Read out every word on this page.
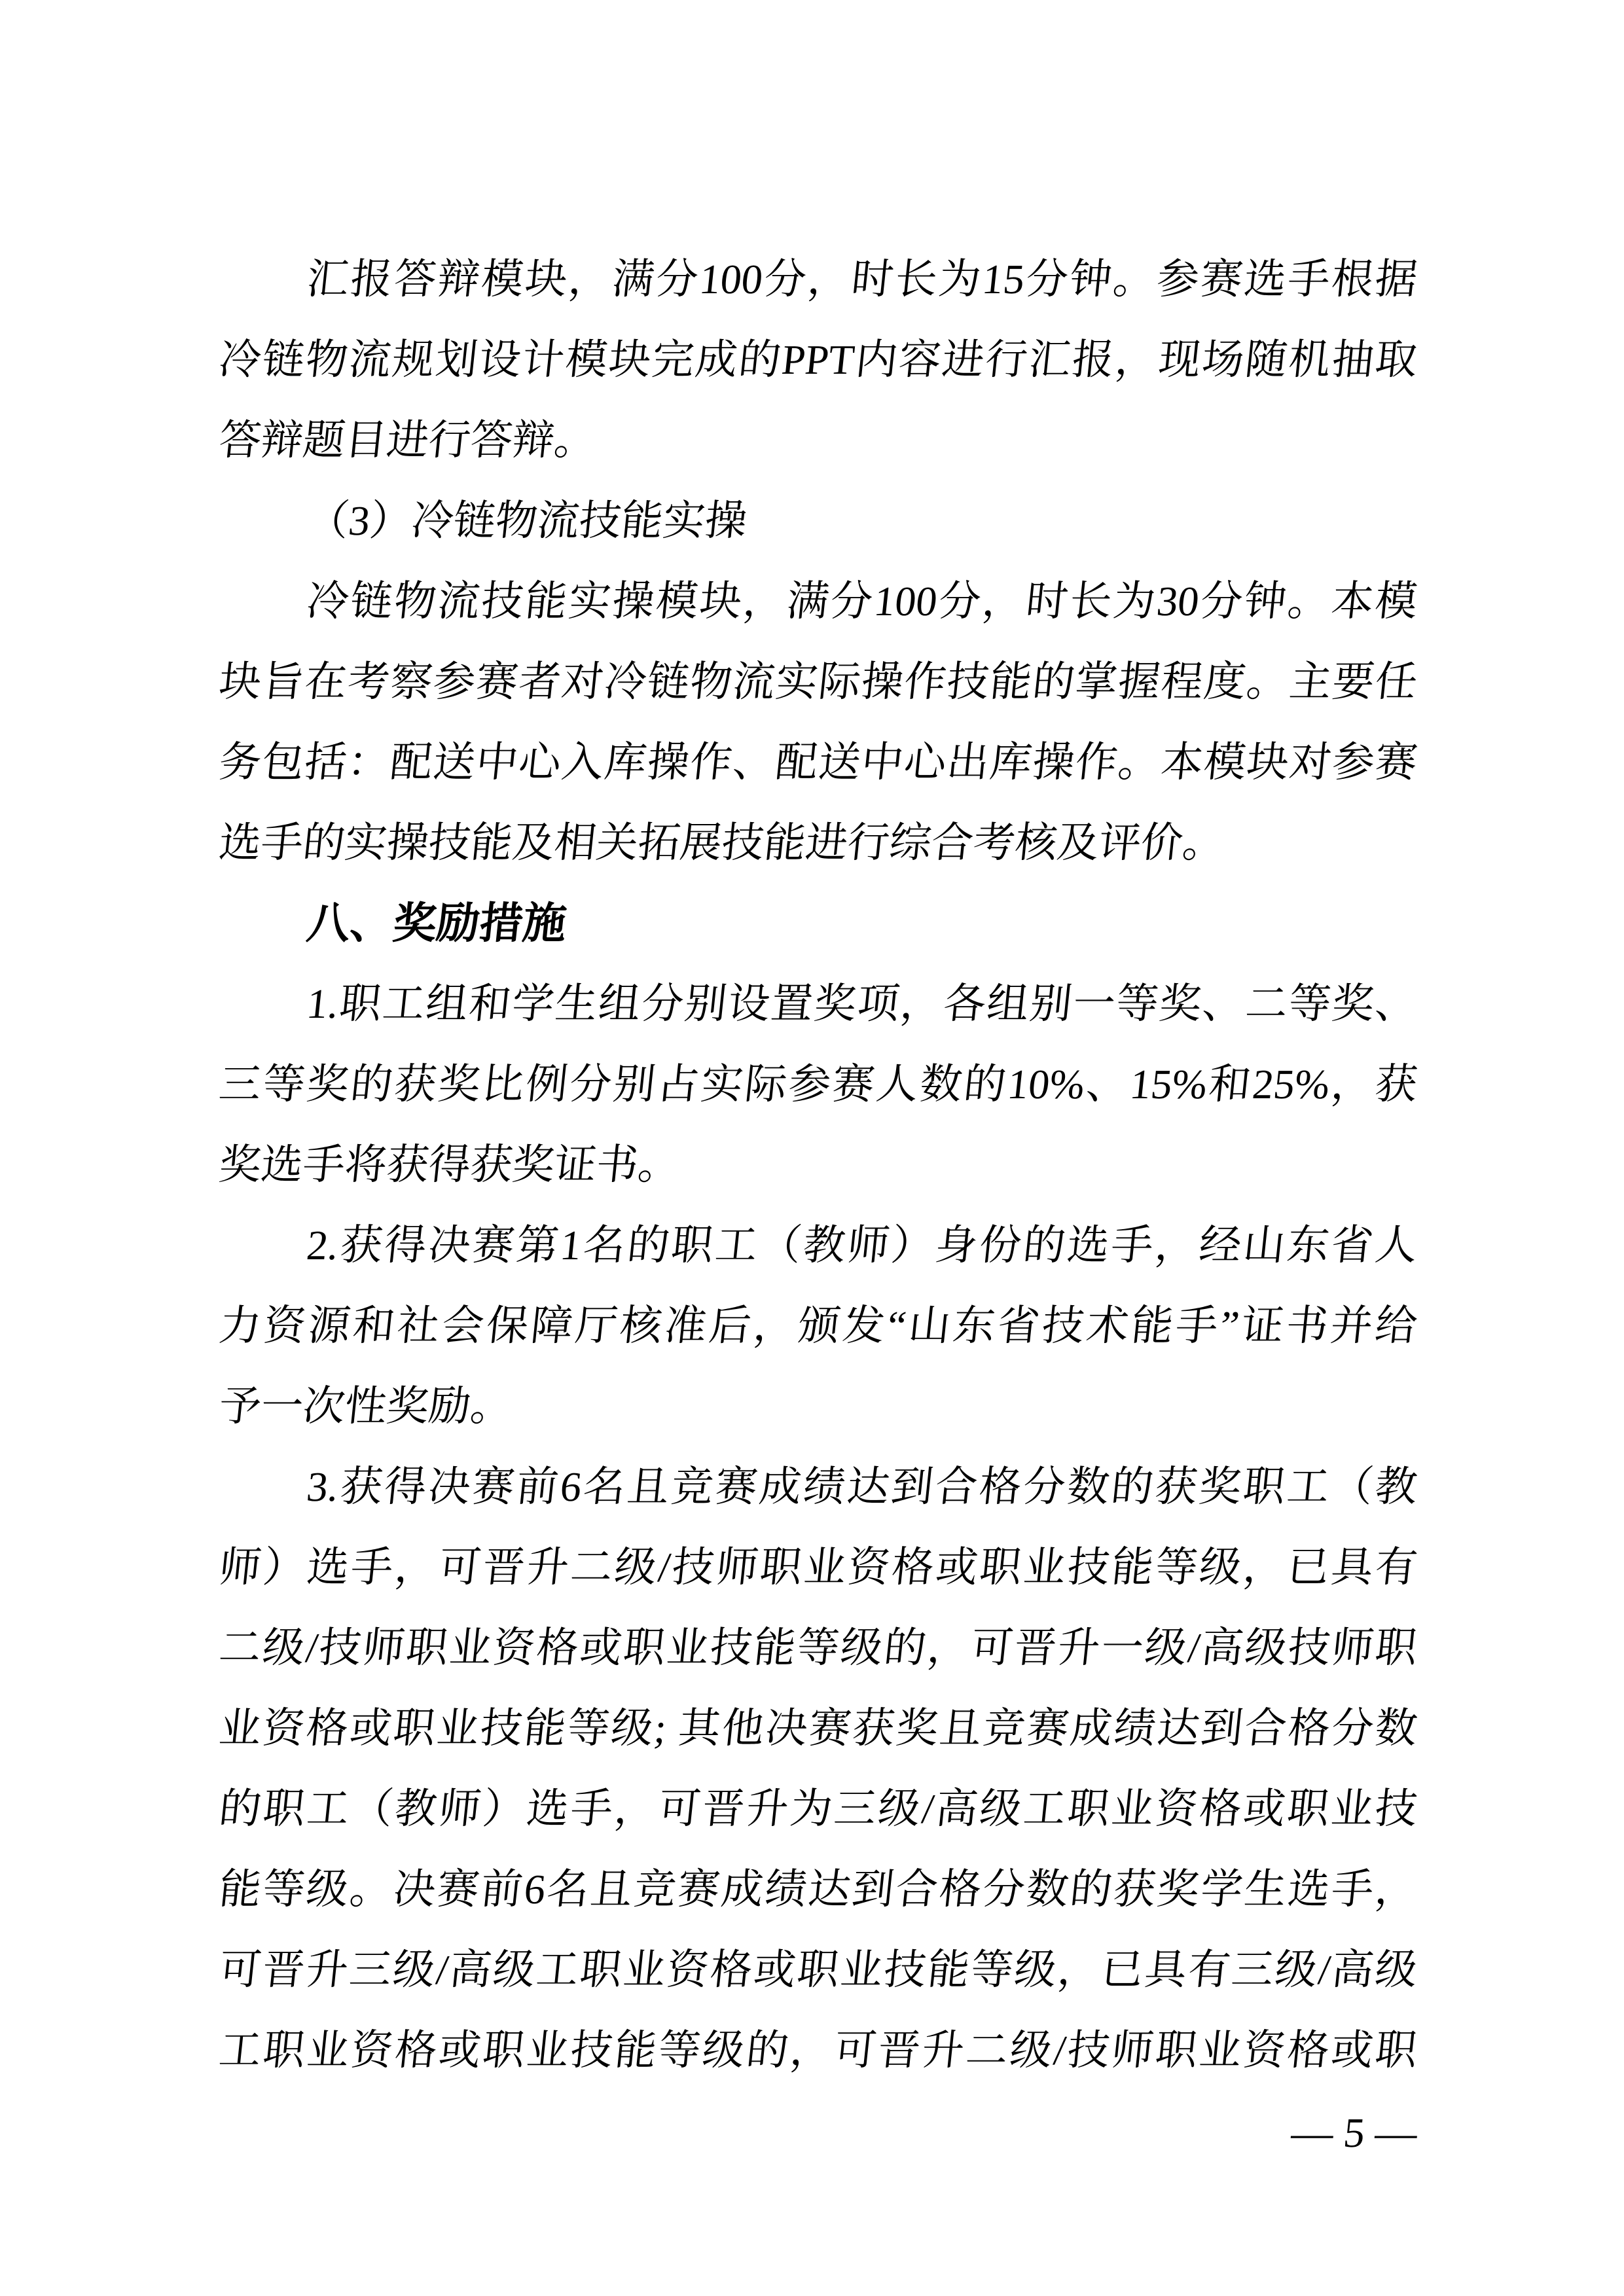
汇报答辩模块，满分100分，时长为15分钟。参赛选手根据
冷链物流规划设计模块完成的PPT内容进行汇报，现场随机抽取
答辩题目进行答辩。
（3）冷链物流技能实操
冷链物流技能实操模块，满分100分，时长为30分钟。本模
块旨在考察参赛者对冷链物流实际操作技能的掌握程度。主要任
务包括：配送中心入库操作、配送中心出库操作。本模块对参赛
选手的实操技能及相关拓展技能进行综合考核及评价。
八、奖励措施
1.职工组和学生组分别设置奖项，各组别一等奖、二等奖、
三等奖的获奖比例分别占实际参赛人数的10%、15%和25%，获
奖选手将获得获奖证书。
2.获得决赛第1名的职工（教师）身份的选手，经山东省人
力资源和社会保障厅核准后，颁发“山东省技术能手”证书并给
予一次性奖励。
3.获得决赛前6名且竞赛成绩达到合格分数的获奖职工（教
师）选手，可晋升二级/技师职业资格或职业技能等级，已具有
二级/技师职业资格或职业技能等级的，可晋升一级/高级技师职
业资格或职业技能等级; 其他决赛获奖且竞赛成绩达到合格分数
的职工（教师）选手，可晋升为三级/高级工职业资格或职业技
能等级。决赛前6名且竞赛成绩达到合格分数的获奖学生选手，
可晋升三级/高级工职业资格或职业技能等级，已具有三级/高级
工职业资格或职业技能等级的，可晋升二级/技师职业资格或职
— 5 —
